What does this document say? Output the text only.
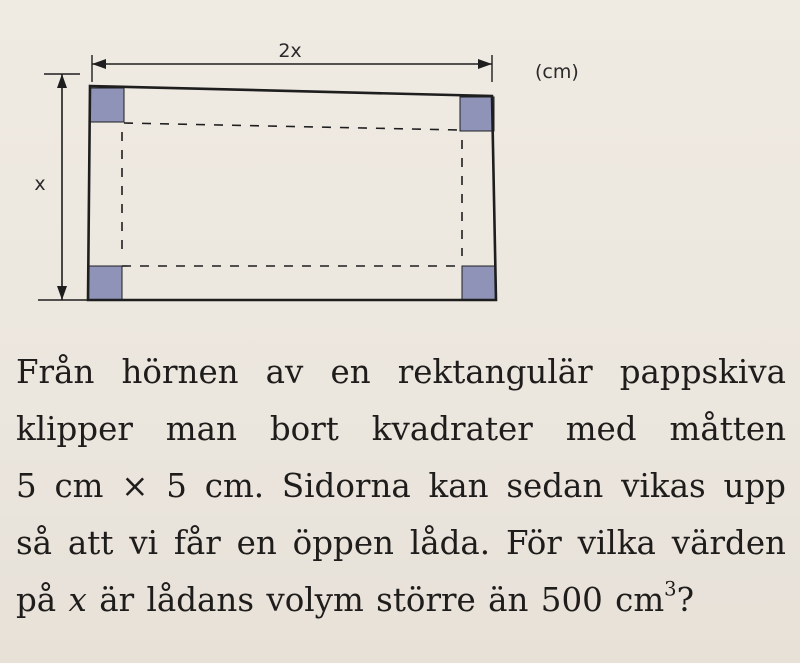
2x
(cm)
x
Från hörnen av en rektangulär pappskiva
klipper man bort kvadrater med måtten
5 cm × 5 cm. Sidorna kan sedan vikas upp
så att vi får en öppen låda. För vilka värden
på x är lådans volym större än 500 $cm^3$?
